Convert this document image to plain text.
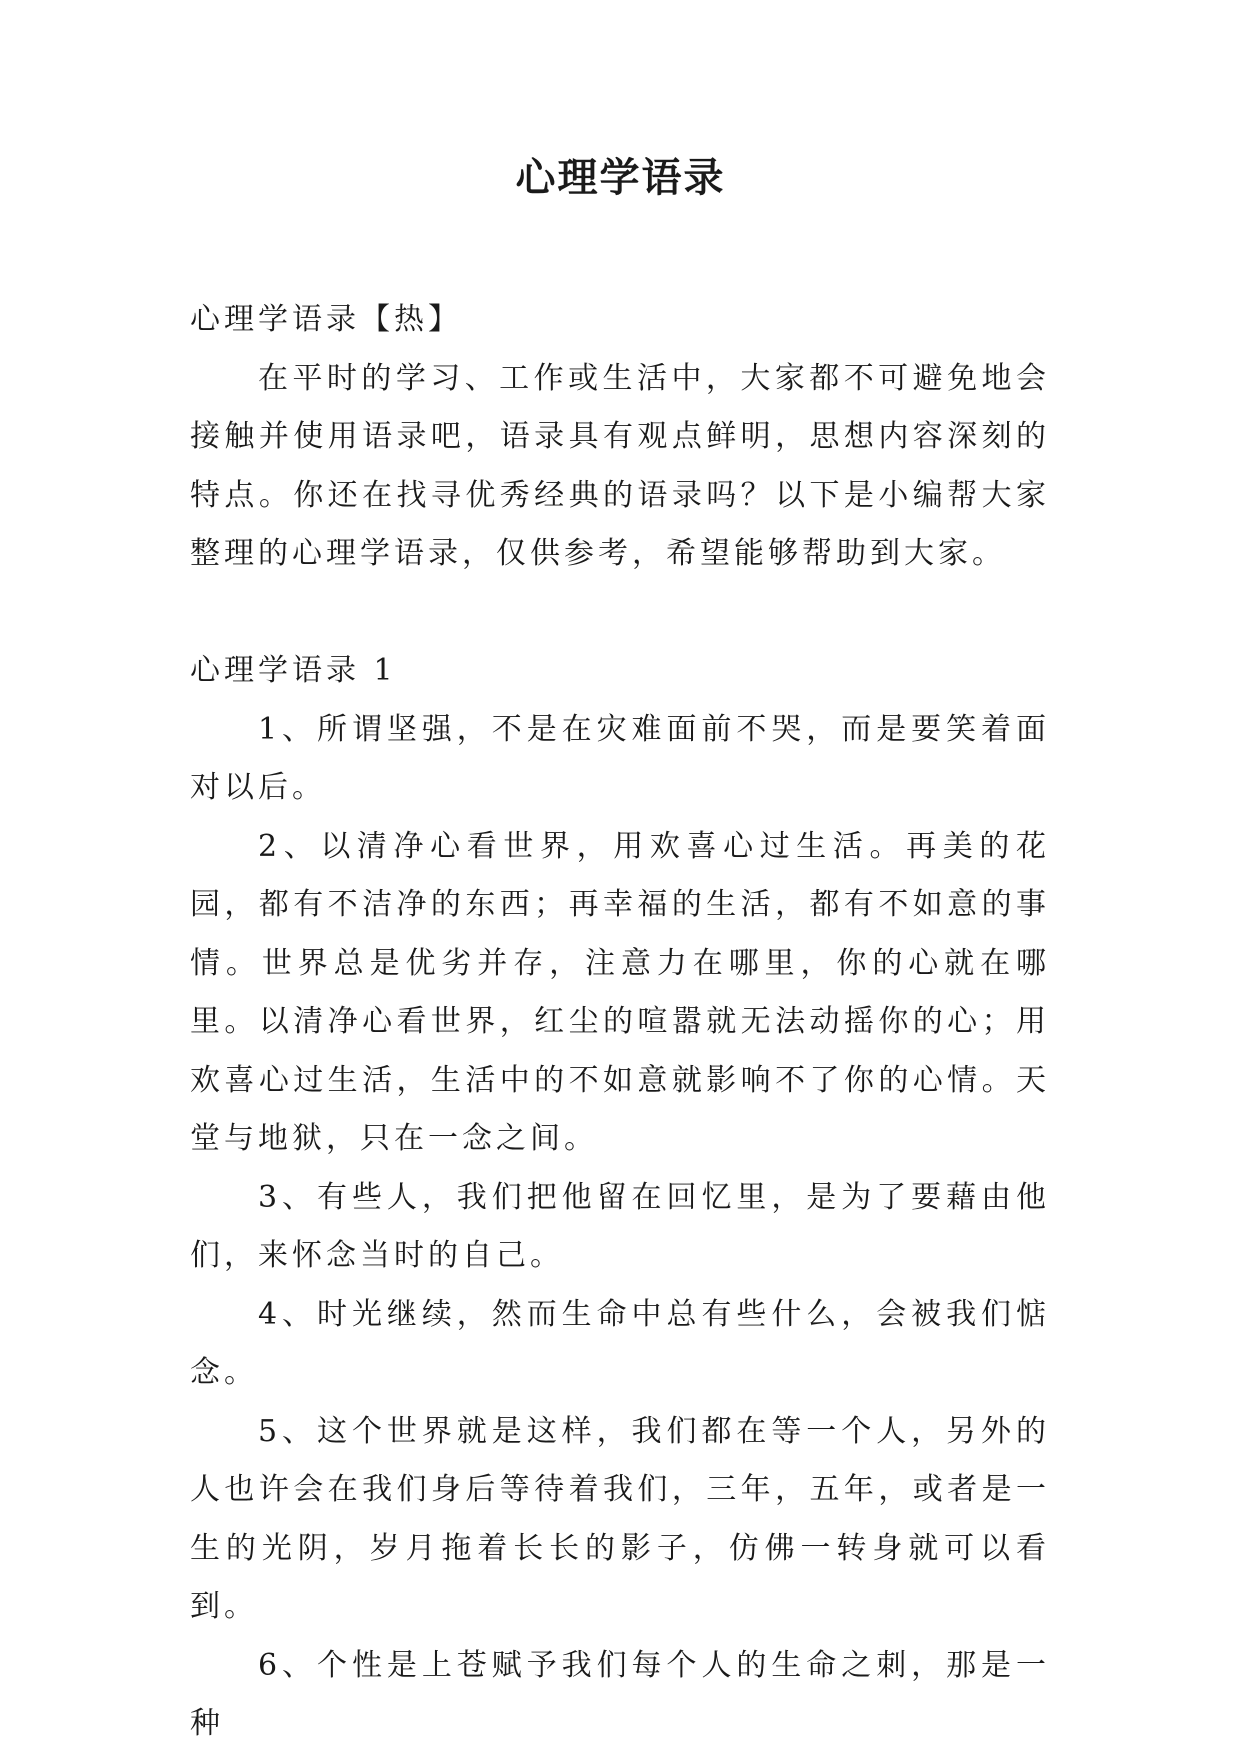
心理学语录

心理学语录【热】

在平时的学习、工作或生活中，大家都不可避免地会接触并使用语录吧，语录具有观点鲜明，思想内容深刻的特点。你还在找寻优秀经典的语录吗？以下是小编帮大家整理的心理学语录，仅供参考，希望能够帮助到大家。

心理学语录 1

1、所谓坚强，不是在灾难面前不哭，而是要笑着面对以后。

2、以清净心看世界，用欢喜心过生活。再美的花园，都有不洁净的东西；再幸福的生活，都有不如意的事情。世界总是优劣并存，注意力在哪里，你的心就在哪里。以清净心看世界，红尘的喧嚣就无法动摇你的心；用欢喜心过生活，生活中的不如意就影响不了你的心情。天堂与地狱，只在一念之间。

3、有些人，我们把他留在回忆里，是为了要藉由他们，来怀念当时的自己。

4、时光继续，然而生命中总有些什么，会被我们惦念。

5、这个世界就是这样，我们都在等一个人，另外的人也许会在我们身后等待着我们，三年，五年，或者是一生的光阴，岁月拖着长长的影子，仿佛一转身就可以看到。

6、个性是上苍赋予我们每个人的生命之刺，那是一种
